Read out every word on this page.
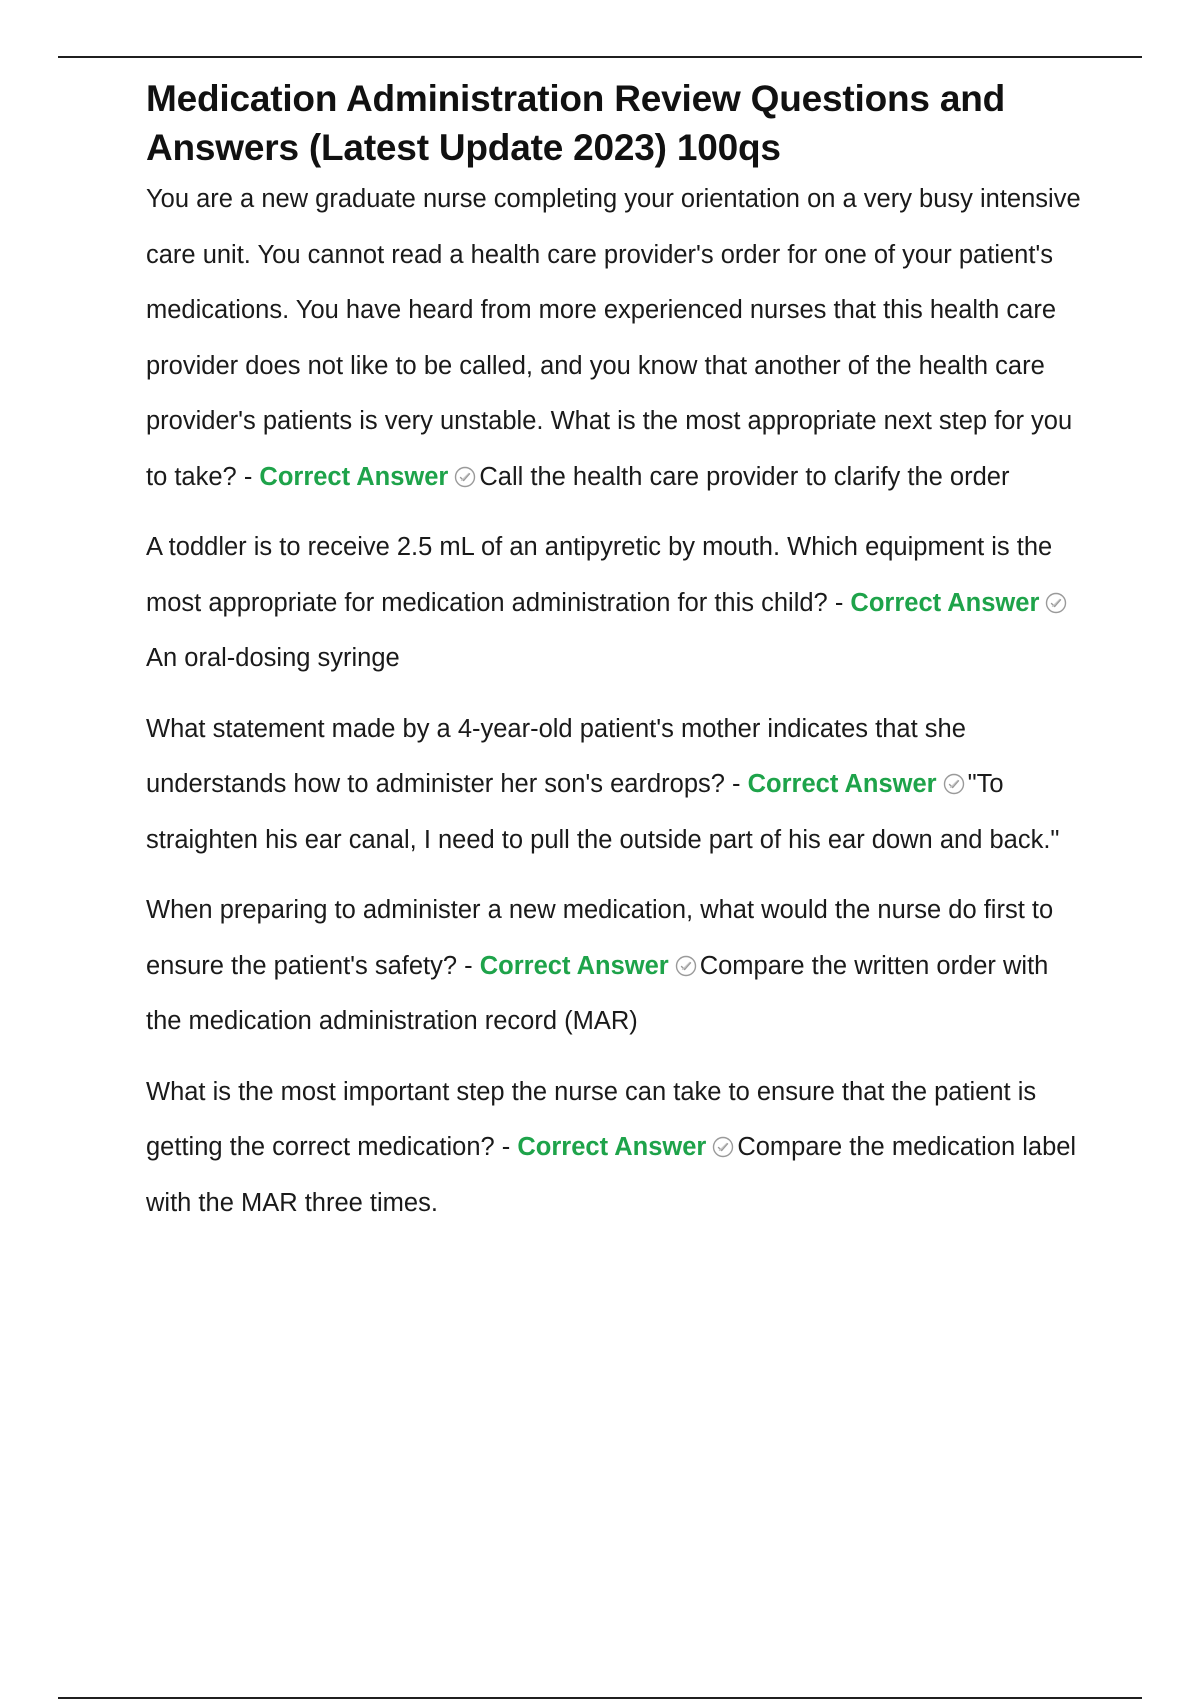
Medication Administration Review Questions and Answers (Latest Update 2023) 100qs

You are a new graduate nurse completing your orientation on a very busy intensive care unit. You cannot read a health care provider's order for one of your patient's medications. You have heard from more experienced nurses that this health care provider does not like to be called, and you know that another of the health care provider's patients is very unstable. What is the most appropriate next step for you to take? - Correct Answer Call the health care provider to clarify the order

A toddler is to receive 2.5 mL of an antipyretic by mouth. Which equipment is the most appropriate for medication administration for this child? - Correct Answer
An oral-dosing syringe

What statement made by a 4-year-old patient's mother indicates that she understands how to administer her son's eardrops? - Correct Answer "To straighten his ear canal, I need to pull the outside part of his ear down and back."

When preparing to administer a new medication, what would the nurse do first to ensure the patient's safety? - Correct Answer Compare the written order with the medication administration record (MAR)

What is the most important step the nurse can take to ensure that the patient is getting the correct medication? - Correct Answer Compare the medication label with the MAR three times.
